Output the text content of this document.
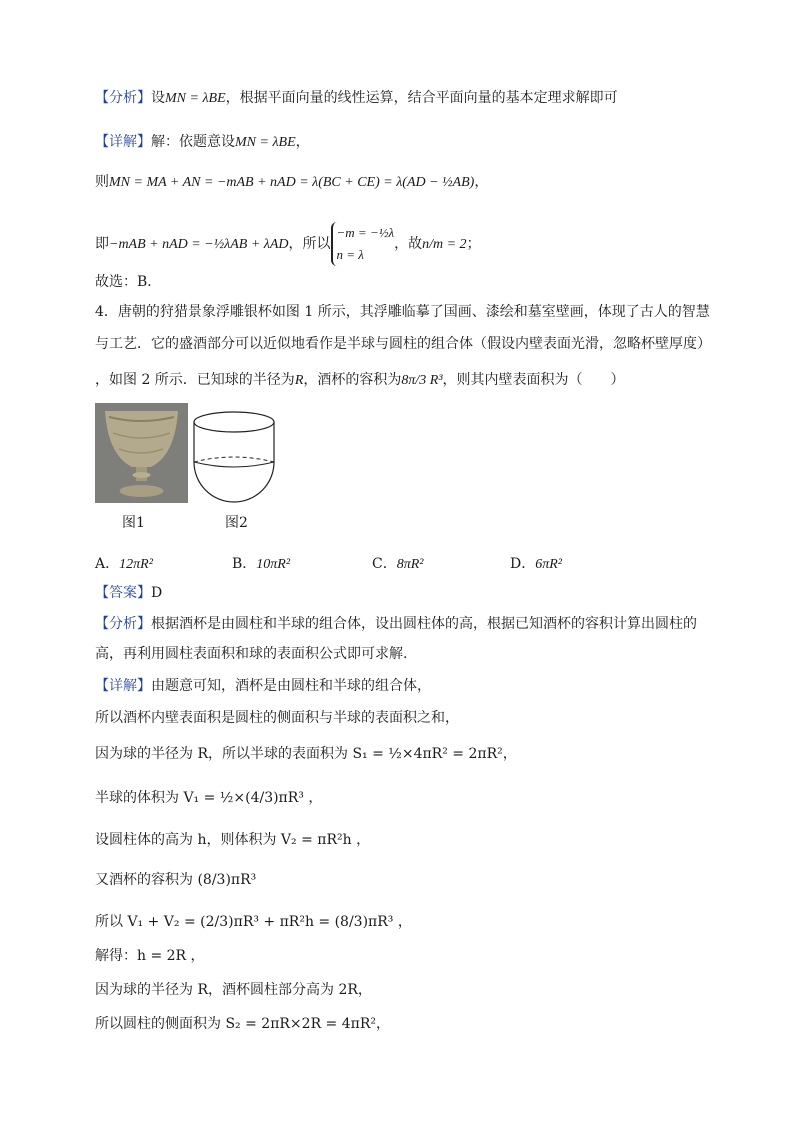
【分析】设MN = λBE，根据平面向量的线性运算，结合平面向量的基本定理求解即可
【详解】解：依题意设MN = λBE，
则MN = MA + AN = −mAB + nAD = λ(BC + CE) = λ(AD − ½AB)，
即−mAB + nAD = −½λAB + λAD，所以
−m = −½λ
n = λ
，故n/m = 2；
故选：B．
4．唐朝的狩猎景象浮雕银杯如图 1 所示，其浮雕临摹了国画、漆绘和墓室壁画，体现了古人的智慧
与工艺．它的盛酒部分可以近似地看作是半球与圆柱的组合体（假设内壁表面光滑，忽略杯壁厚度）
，如图 2 所示．已知球的半径为R，酒杯的容积为8π/3 R³，则其内壁表面积为（　　）
图1	图2
A．12πR²	B．10πR²	C．8πR²	D．6πR²
【答案】D
【分析】根据酒杯是由圆柱和半球的组合体，设出圆柱体的高，根据已知酒杯的容积计算出圆柱的
高，再利用圆柱表面积和球的表面积公式即可求解.
【详解】由题意可知，酒杯是由圆柱和半球的组合体，
所以酒杯内壁表面积是圆柱的侧面积与半球的表面积之和，
因为球的半径为 R，所以半球的表面积为 S₁ = ½×4πR² = 2πR²，
半球的体积为 V₁ = ½×(4/3)πR³ ，
设圆柱体的高为 h，则体积为 V₂ = πR²h ，
又酒杯的容积为 (8/3)πR³
所以 V₁ + V₂ = (2/3)πR³ + πR²h = (8/3)πR³ ，
解得：h = 2R ，
因为球的半径为 R，酒杯圆柱部分高为 2R，
所以圆柱的侧面积为 S₂ = 2πR×2R = 4πR²，
